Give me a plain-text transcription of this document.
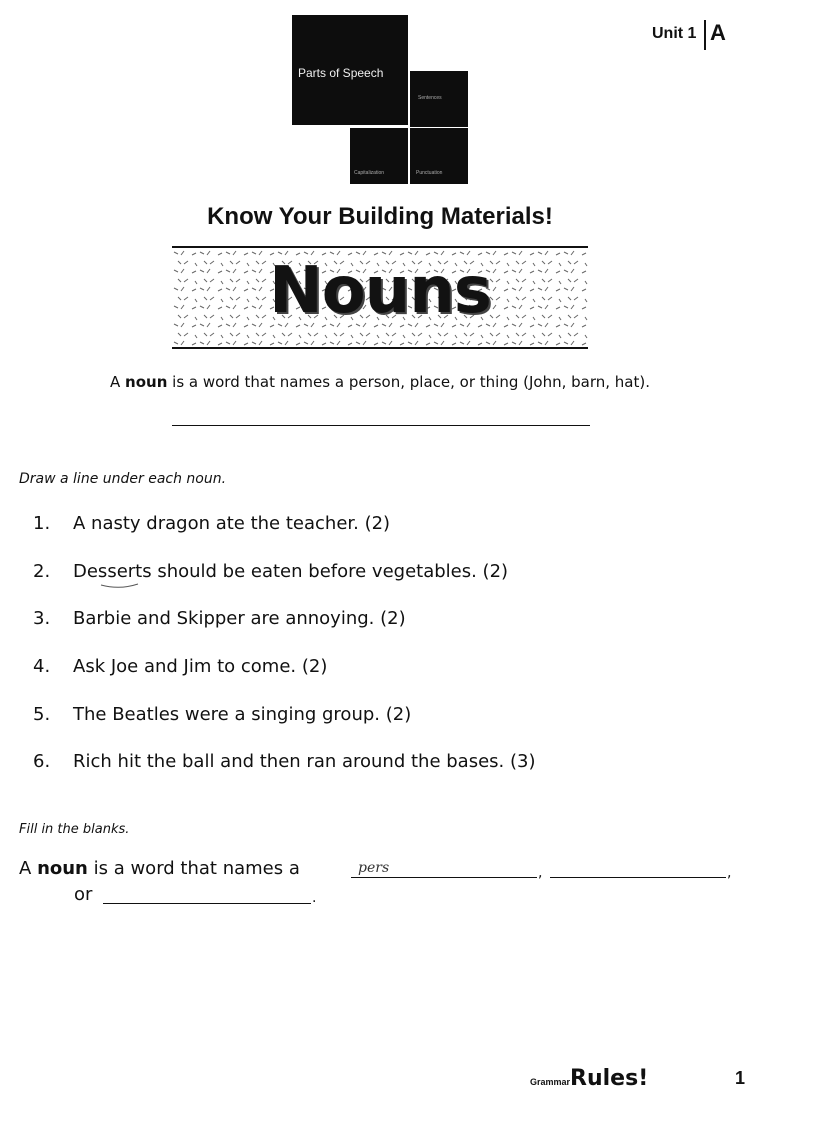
Unit 1 A
Parts of Speech
Sentences
Capitalization	Punctuation
Know Your Building Materials!
Nouns
A noun is a word that names a person, place, or thing (John, barn, hat).
Draw a line under each noun.
1. A nasty dragon ate the teacher. (2)
2. Desserts should be eaten before vegetables. (2)
3. Barbie and Skipper are annoying. (2)
4. Ask Joe and Jim to come. (2)
5. The Beatles were a singing group. (2)
6. Rich hit the ball and then ran around the bases. (3)
Fill in the blanks.
A noun is a word that names a	pers	,	,
or	.
GrammarRules!	1
